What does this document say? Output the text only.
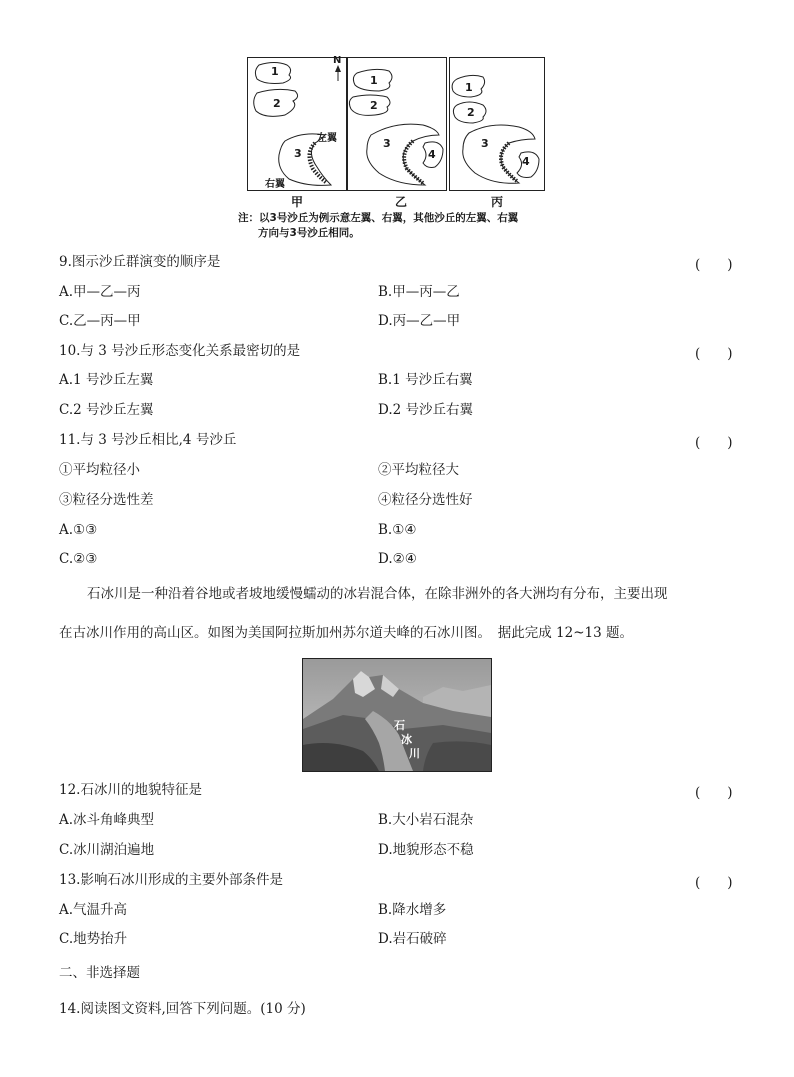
1
2
3
N
左翼
右翼
1
2
3
4
1
2
3
4
甲	乙	丙
注：以3号沙丘为例示意左翼、右翼，其他沙丘的左翼、右翼
方向与3号沙丘相同。
9.图示沙丘群演变的顺序是	(　　)
A.甲—乙—丙	B.甲—丙—乙
C.乙—丙—甲	D.丙—乙—甲
10.与 3 号沙丘形态变化关系最密切的是	(　　)
A.1 号沙丘左翼	B.1 号沙丘右翼
C.2 号沙丘左翼	D.2 号沙丘右翼
11.与 3 号沙丘相比,4 号沙丘	(　　)
①平均粒径小	②平均粒径大
③粒径分选性差	④粒径分选性好
A.①③	B.①④
C.②③	D.②④
石冰川是一种沿着谷地或者坡地缓慢蠕动的冰岩混合体，在除非洲外的各大洲均有分布，主要出现
在古冰川作用的高山区。如图为美国阿拉斯加州苏尔道夫峰的石冰川图。　据此完成 12~13 题。
石
冰
川
12.石冰川的地貌特征是	(　　)
A.冰斗角峰典型	B.大小岩石混杂
C.冰川湖泊遍地	D.地貌形态不稳
13.影响石冰川形成的主要外部条件是	(　　)
A.气温升高	B.降水增多
C.地势抬升	D.岩石破碎
二、非选择题
14.阅读图文资料,回答下列问题。(10 分)
